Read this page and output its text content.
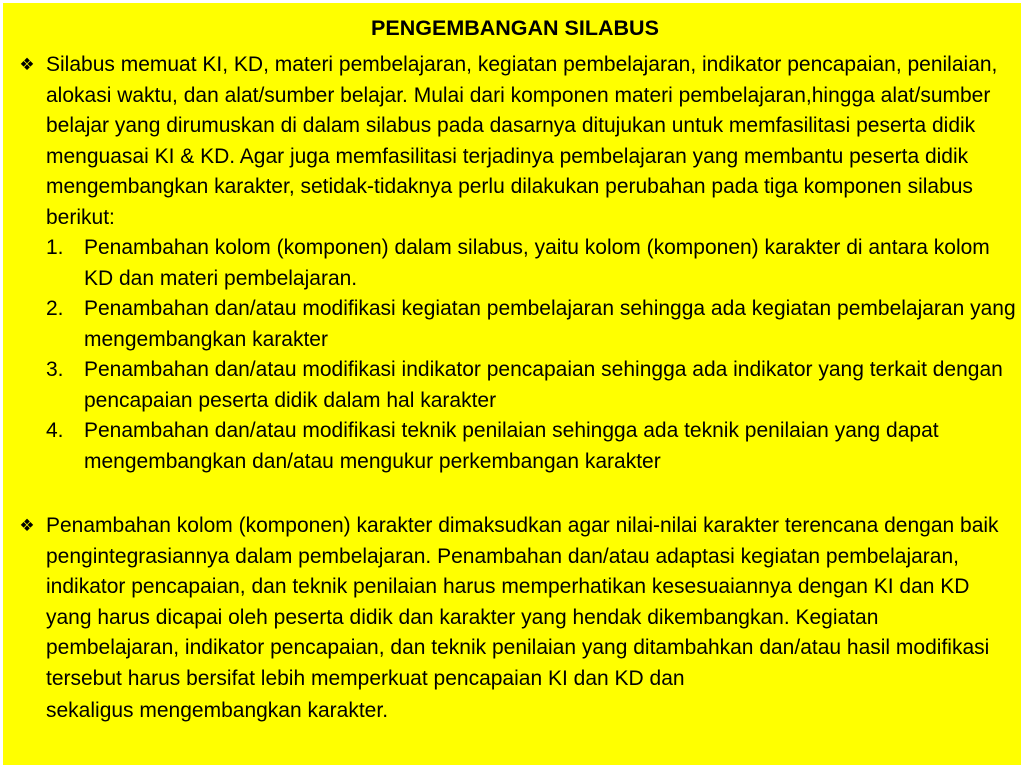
PENGEMBANGAN SILABUS
❖ Silabus memuat KI, KD, materi pembelajaran, kegiatan pembelajaran, indikator pencapaian, penilaian, alokasi waktu, dan alat/sumber belajar. Mulai dari komponen materi pembelajaran,hingga alat/sumber belajar yang dirumuskan di dalam silabus pada dasarnya ditujukan untuk memfasilitasi peserta didik menguasai KI & KD. Agar juga memfasilitasi terjadinya pembelajaran yang membantu peserta didik mengembangkan karakter, setidak-tidaknya perlu dilakukan perubahan pada tiga komponen silabus berikut:
1. Penambahan kolom (komponen) dalam silabus, yaitu kolom (komponen) karakter di antara kolom KD dan materi pembelajaran.
2. Penambahan dan/atau modifikasi kegiatan pembelajaran sehingga ada kegiatan pembelajaran yang mengembangkan karakter
3. Penambahan dan/atau modifikasi indikator pencapaian sehingga ada indikator yang terkait dengan pencapaian peserta didik dalam hal karakter
4. Penambahan dan/atau modifikasi teknik penilaian sehingga ada teknik penilaian yang dapat mengembangkan dan/atau mengukur perkembangan karakter
❖ Penambahan kolom (komponen) karakter dimaksudkan agar nilai-nilai karakter terencana dengan baik pengintegrasiannya dalam pembelajaran. Penambahan dan/atau adaptasi kegiatan pembelajaran, indikator pencapaian, dan teknik penilaian harus memperhatikan kesesuaiannya dengan KI dan KD yang harus dicapai oleh peserta didik dan karakter yang hendak dikembangkan. Kegiatan pembelajaran, indikator pencapaian, dan teknik penilaian yang ditambahkan dan/atau hasil modifikasi tersebut harus bersifat lebih memperkuat pencapaian KI dan KD dan
sekaligus mengembangkan karakter.
